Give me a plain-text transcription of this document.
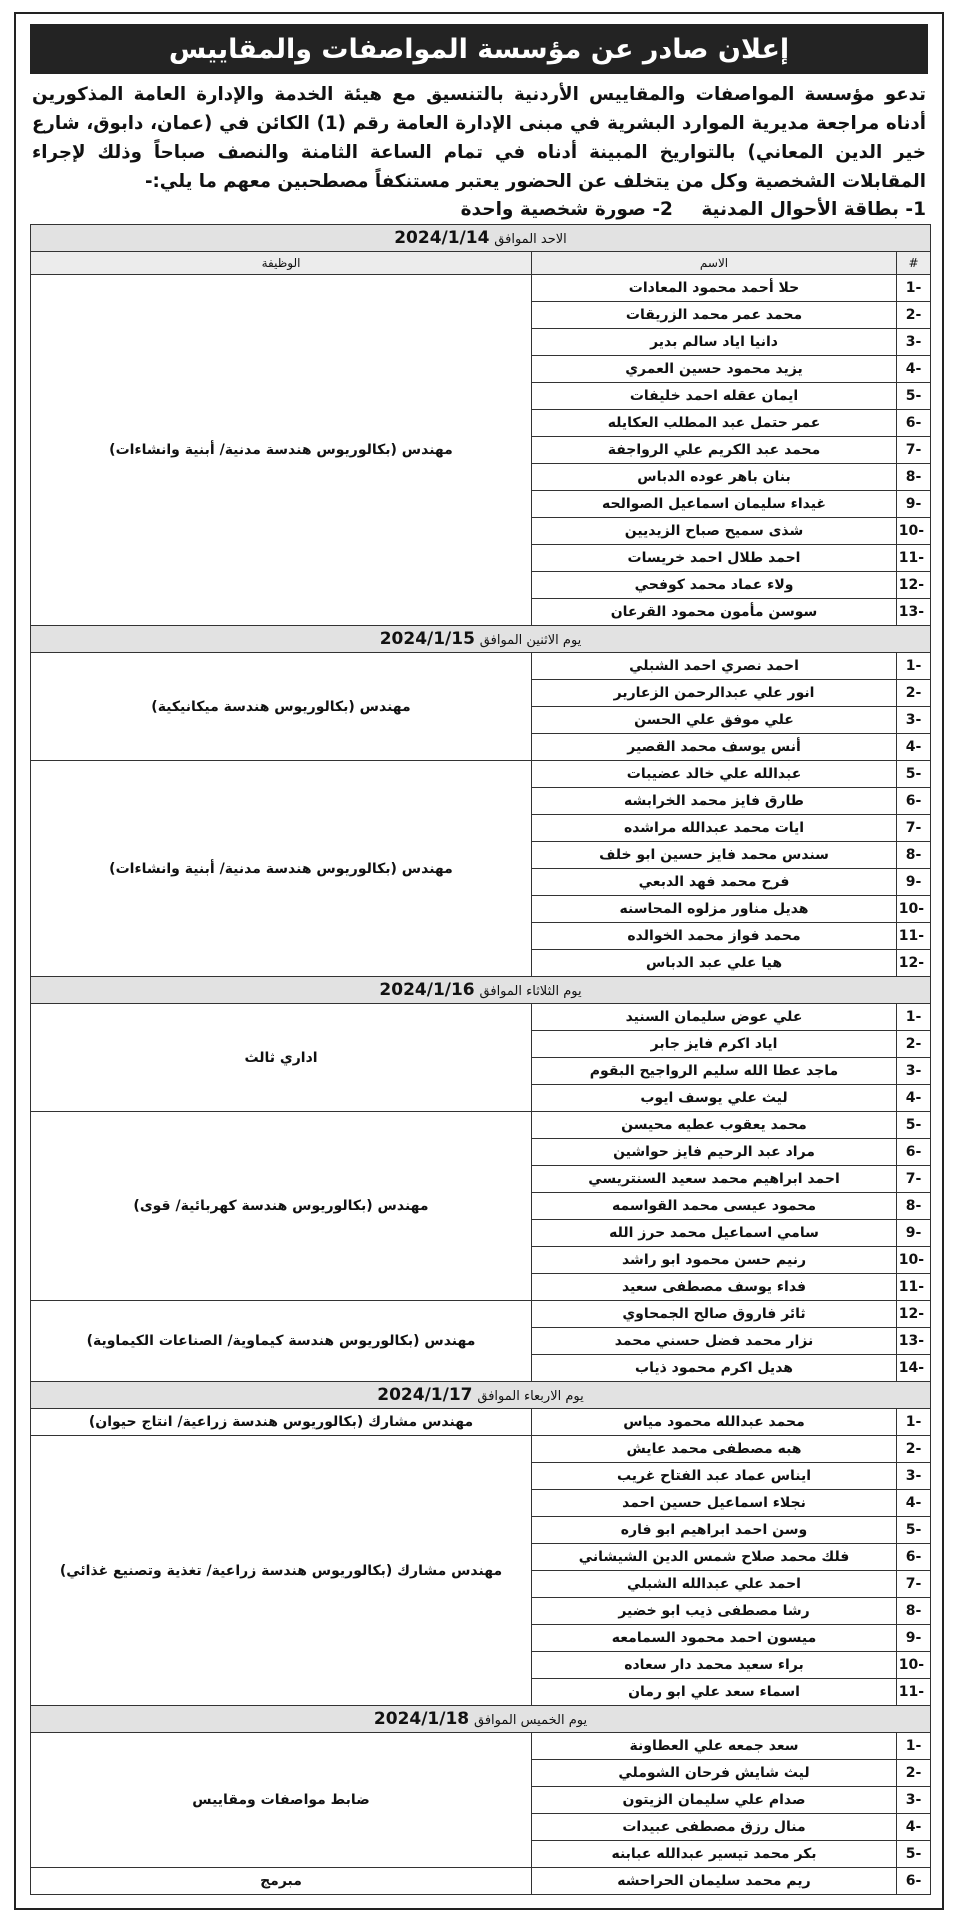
إعلان صادر عن مؤسسة المواصفات والمقاييس
تدعو مؤسسة المواصفات والمقاييس الأردنية بالتنسيق مع هيئة الخدمة والإدارة العامة المذكورين أدناه مراجعة مديرية الموارد البشرية في مبنى الإدارة العامة رقم (1) الكائن في (عمان، دابوق، شارع خير الدين المعاني) بالتواريخ المبينة أدناه في تمام الساعة الثامنة والنصف صباحاً وذلك لإجراء المقابلات الشخصية وكل من يتخلف عن الحضور يعتبر مستنكفاً مصطحبين معهم ما يلي:-
1- بطاقة الأحوال المدنية 2- صورة شخصية واحدة
الاحد الموافق 2024/1/14		
#	الاسم	الوظيفة
-1	حلا أحمد محمود المعادات	مهندس (بكالوريوس هندسة مدنية/ أبنية وانشاءات)
-2	محمد عمر محمد الزريقات	
-3	دانيا اياد سالم بدير	
-4	يزيد محمود حسين العمري	
-5	ايمان عقله احمد خليفات	
-6	عمر حتمل عبد المطلب العكايله	
-7	محمد عبد الكريم علي الرواجفة	
-8	بنان باهر عوده الدباس	
-9	غيداء سليمان اسماعيل الصوالحه	
-10	شذى سميح صباح الزيديين	
-11	احمد طلال احمد خريسات	
-12	ولاء عماد محمد كوفحي	
-13	سوسن مأمون محمود القرعان	
يوم الاثنين الموافق 2024/1/15		
-1	احمد نصري احمد الشبلي	مهندس (بكالوريوس هندسة ميكانيكية)
-2	انور علي عبدالرحمن الزعارير	
-3	علي موفق علي الحسن	
-4	أنس يوسف محمد القصير	
-5	عبدالله علي خالد عضيبات	مهندس (بكالوريوس هندسة مدنية/ أبنية وانشاءات)
-6	طارق فايز محمد الخرابشه	
-7	ايات محمد عبدالله مراشده	
-8	سندس محمد فايز حسين ابو خلف	
-9	فرح محمد فهد الدبعي	
-10	هديل مناور مزلوه المحاسنه	
-11	محمد فواز محمد الخوالده	
-12	هيا علي عبد الدباس	
يوم الثلاثاء الموافق 2024/1/16		
-1	علي عوض سليمان السنيد	اداري ثالث
-2	اياد اكرم فايز جابر	
-3	ماجد عطا الله سليم الرواجيح البقوم	
-4	ليث علي يوسف ايوب	
-5	محمد يعقوب عطيه محيسن	مهندس (بكالوريوس هندسة كهربائية/ قوى)
-6	مراد عبد الرحيم فايز حواشين	
-7	احمد ابراهيم محمد سعيد السنتريسي	
-8	محمود عيسى محمد القواسمه	
-9	سامي اسماعيل محمد حرز الله	
-10	رنيم حسن محمود ابو راشد	
-11	فداء يوسف مصطفى سعيد	
-12	ثائر فاروق صالح الجمحاوي	مهندس (بكالوريوس هندسة كيماوية/ الصناعات الكيماوية)
-13	نزار محمد فضل حسني محمد	
-14	هديل اكرم محمود ذياب	
يوم الاربعاء الموافق 2024/1/17		
-1	محمد عبدالله محمود مياس	مهندس مشارك (بكالوريوس هندسة زراعية/ انتاج حيوان)
-2	هبه مصطفى محمد عايش	مهندس مشارك (بكالوريوس هندسة زراعية/ تغذية وتصنيع غذائي)
-3	ايناس عماد عبد الفتاح غريب	
-4	نجلاء اسماعيل حسين احمد	
-5	وسن احمد ابراهيم ابو فاره	
-6	فلك محمد صلاح شمس الدين الشيشاني	
-7	احمد علي عبدالله الشبلي	
-8	رشا مصطفى ذيب ابو خضير	
-9	ميسون احمد محمود السمامعه	
-10	براء سعيد محمد دار سعاده	
-11	اسماء سعد علي ابو رمان	
يوم الخميس الموافق 2024/1/18		
-1	سعد جمعه علي العطاونة	ضابط مواصفات ومقاييس
-2	ليث شايش فرحان الشوملي	
-3	صدام علي سليمان الزيتون	
-4	منال رزق مصطفى عبيدات	
-5	بكر محمد تيسير عبدالله عبابنه	
-6	ريم محمد سليمان الحراحشه	مبرمج
